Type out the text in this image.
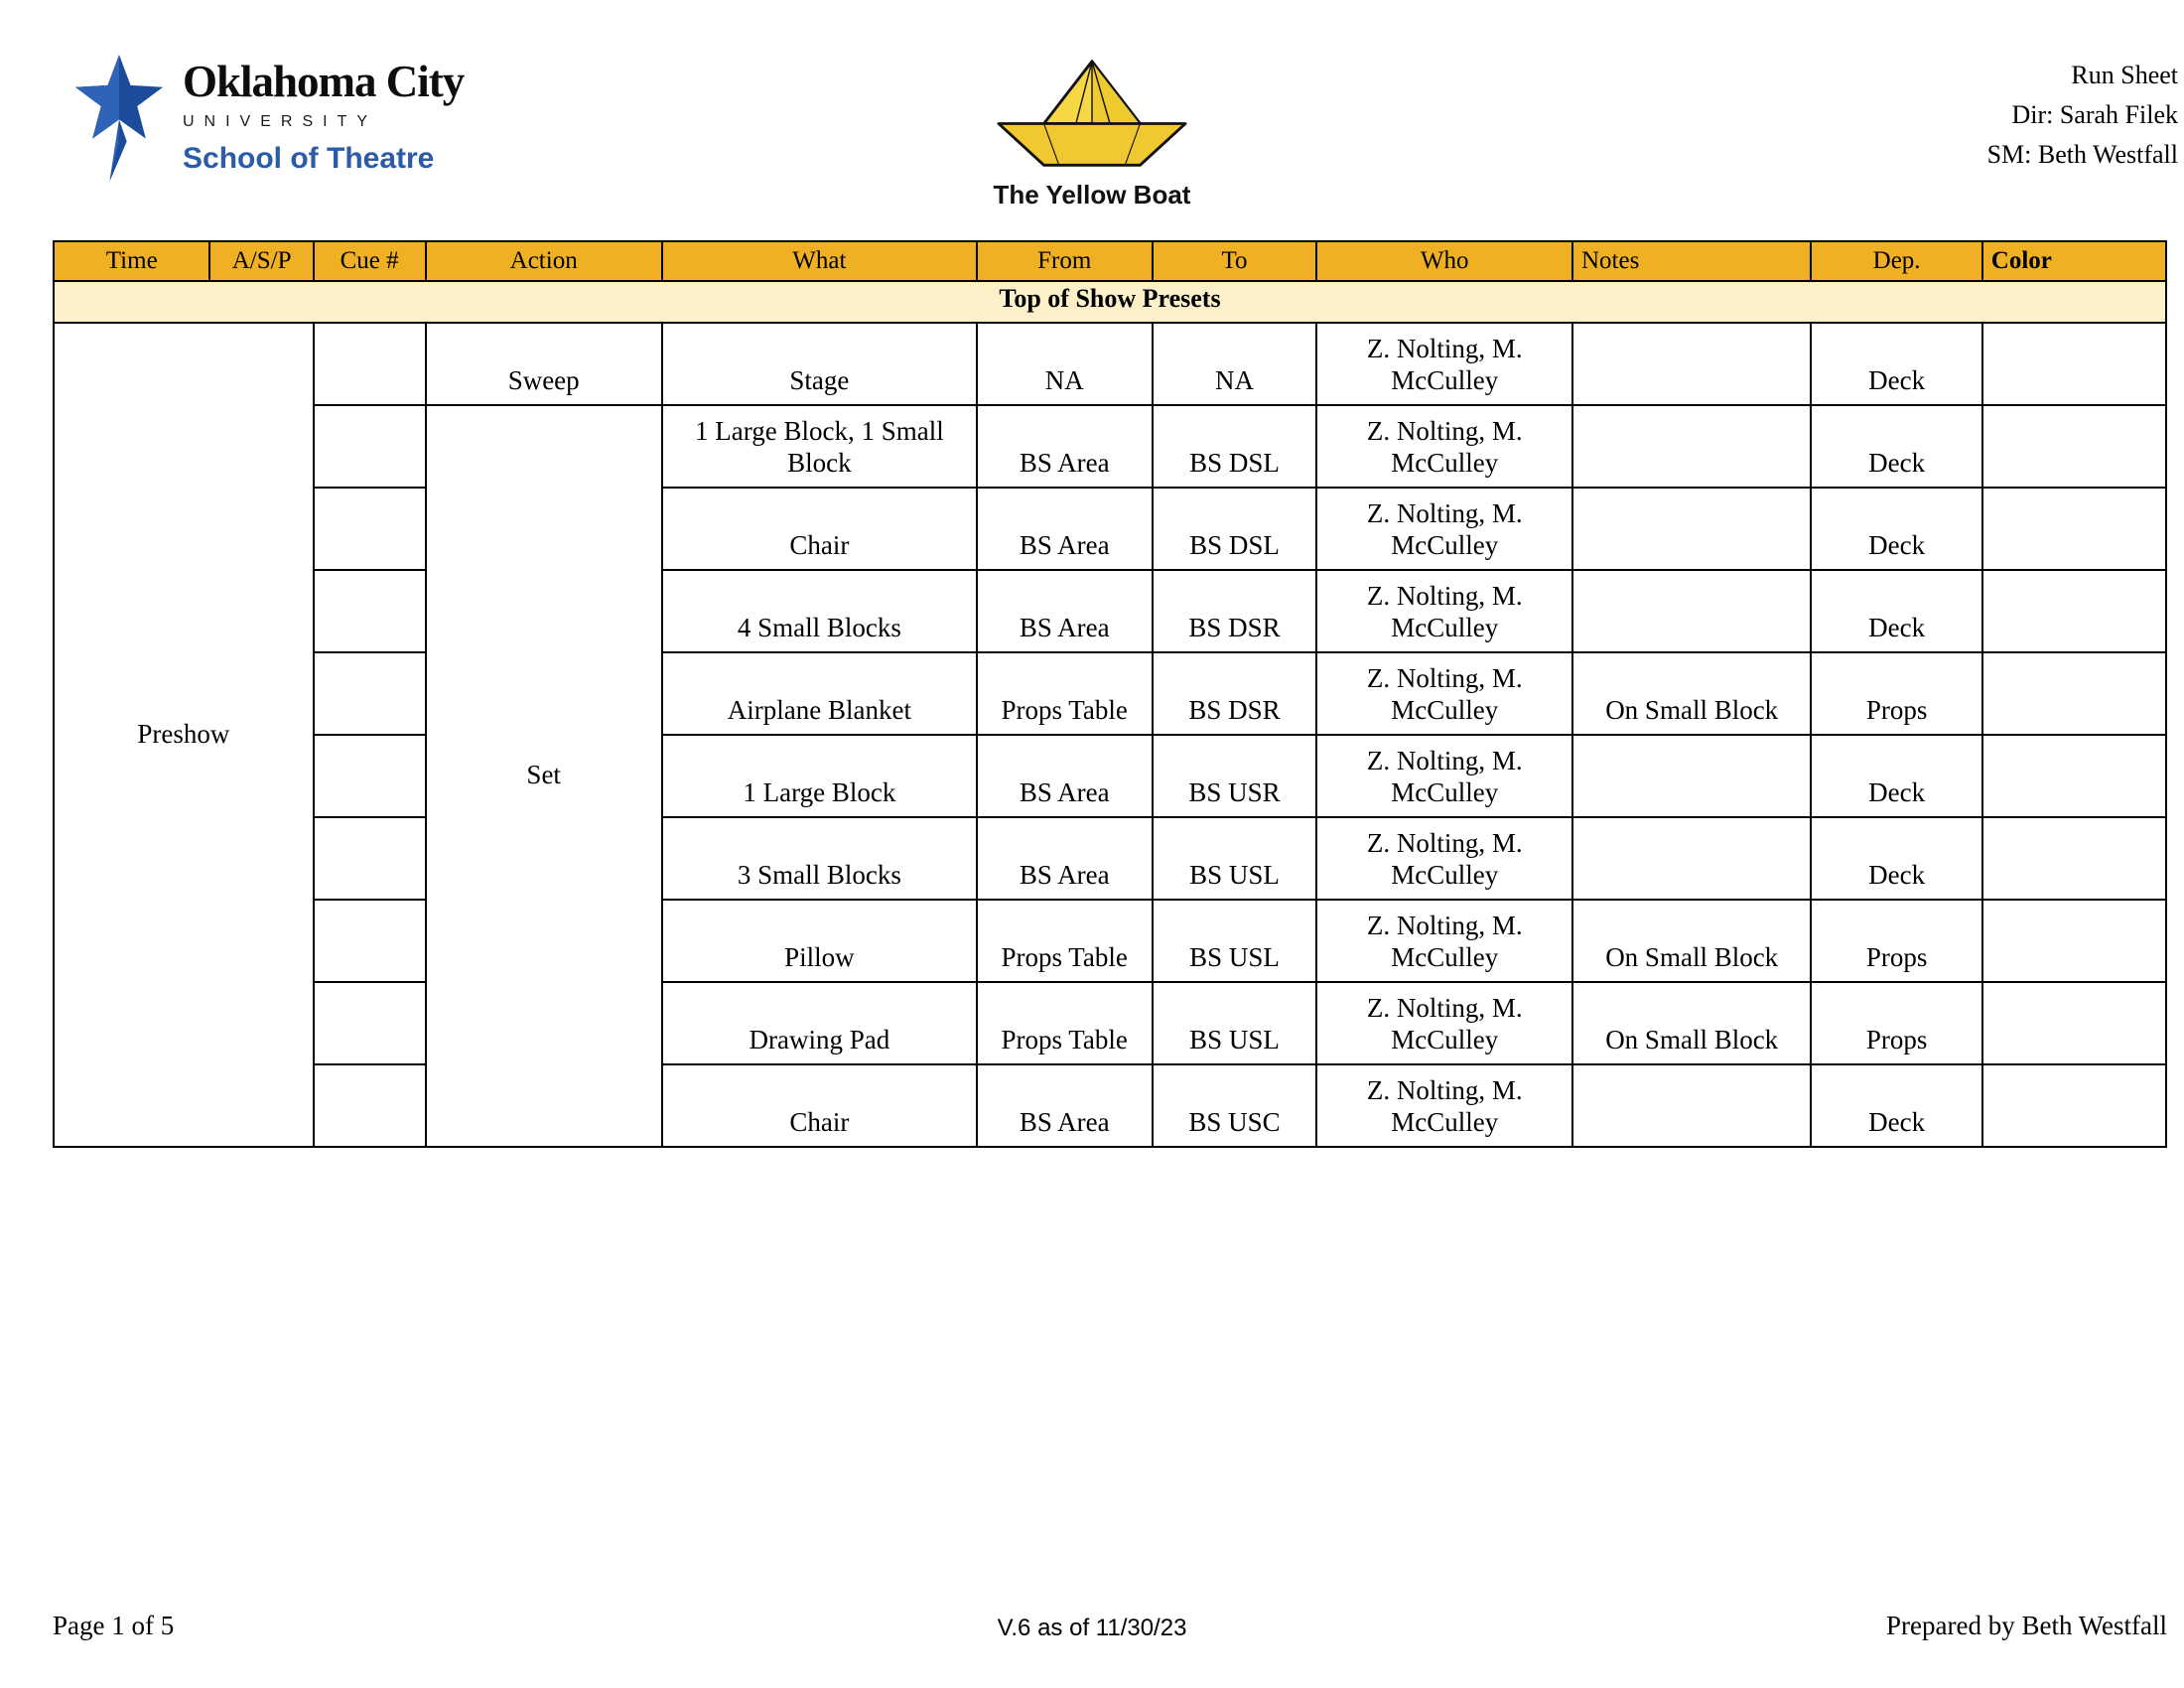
Oklahoma City
UNIVERSITY
School of Theatre
The Yellow Boat
Run Sheet
Dir: Sarah Filek
SM: Beth Westfall
Time	A/S/P	Cue #	Action	What	From	To	Who	Notes	Dep.	Color
Top of Show Presets										
Preshow			Sweep	Stage	NA	NA	Z. Nolting, M. McCulley		Deck	
			Set	1 Large Block, 1 Small Block	BS Area	BS DSL	Z. Nolting, M. McCulley		Deck	
				Chair	BS Area	BS DSL	Z. Nolting, M. McCulley		Deck	
				4 Small Blocks	BS Area	BS DSR	Z. Nolting, M. McCulley		Deck	
				Airplane Blanket	Props Table	BS DSR	Z. Nolting, M. McCulley	On Small Block	Props	
				1 Large Block	BS Area	BS USR	Z. Nolting, M. McCulley		Deck	
				3 Small Blocks	BS Area	BS USL	Z. Nolting, M. McCulley		Deck	
				Pillow	Props Table	BS USL	Z. Nolting, M. McCulley	On Small Block	Props	
				Drawing Pad	Props Table	BS USL	Z. Nolting, M. McCulley	On Small Block	Props	
				Chair	BS Area	BS USC	Z. Nolting, M. McCulley		Deck	
Page 1 of 5	V.6 as of 11/30/23	Prepared by Beth Westfall
